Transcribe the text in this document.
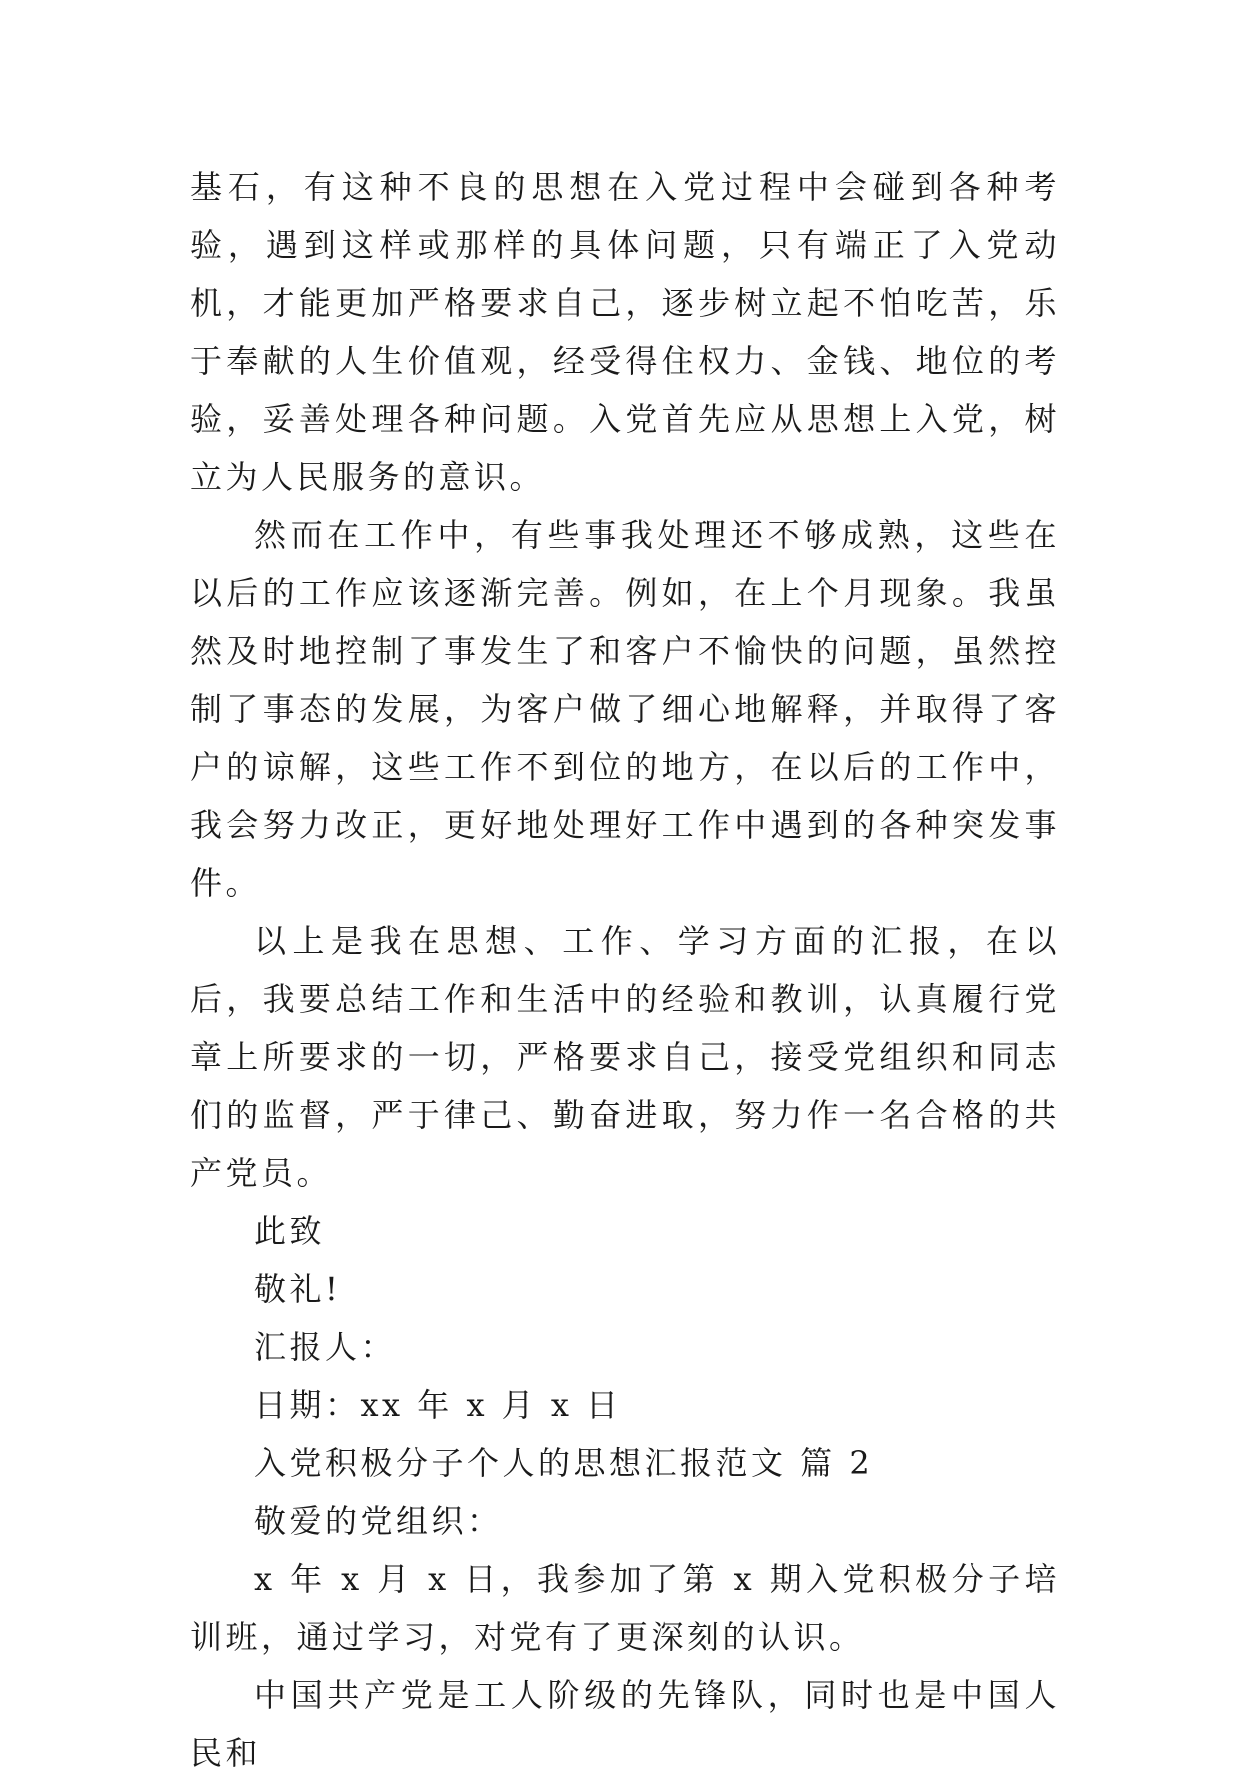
基石，有这种不良的思想在入党过程中会碰到各种考验，遇到这样或那样的具体问题，只有端正了入党动机，才能更加严格要求自己，逐步树立起不怕吃苦，乐于奉献的人生价值观，经受得住权力、金钱、地位的考验，妥善处理各种问题。入党首先应从思想上入党，树立为人民服务的意识。

然而在工作中，有些事我处理还不够成熟，这些在以后的工作应该逐渐完善。例如，在上个月现象。我虽然及时地控制了事发生了和客户不愉快的问题，虽然控制了事态的发展，为客户做了细心地解释，并取得了客户的谅解，这些工作不到位的地方，在以后的工作中，我会努力改正，更好地处理好工作中遇到的各种突发事件。

以上是我在思想、工作、学习方面的汇报，在以后，我要总结工作和生活中的经验和教训，认真履行党章上所要求的一切，严格要求自己，接受党组织和同志们的监督，严于律己、勤奋进取，努力作一名合格的共产党员。

此致

敬礼!

汇报人：

日期：xx 年 x 月 x 日

入党积极分子个人的思想汇报范文 篇 2

敬爱的党组织：

x 年 x 月 x 日，我参加了第 x 期入党积极分子培训班，通过学习，对党有了更深刻的认识。

中国共产党是工人阶级的先锋队，同时也是中国人民和
